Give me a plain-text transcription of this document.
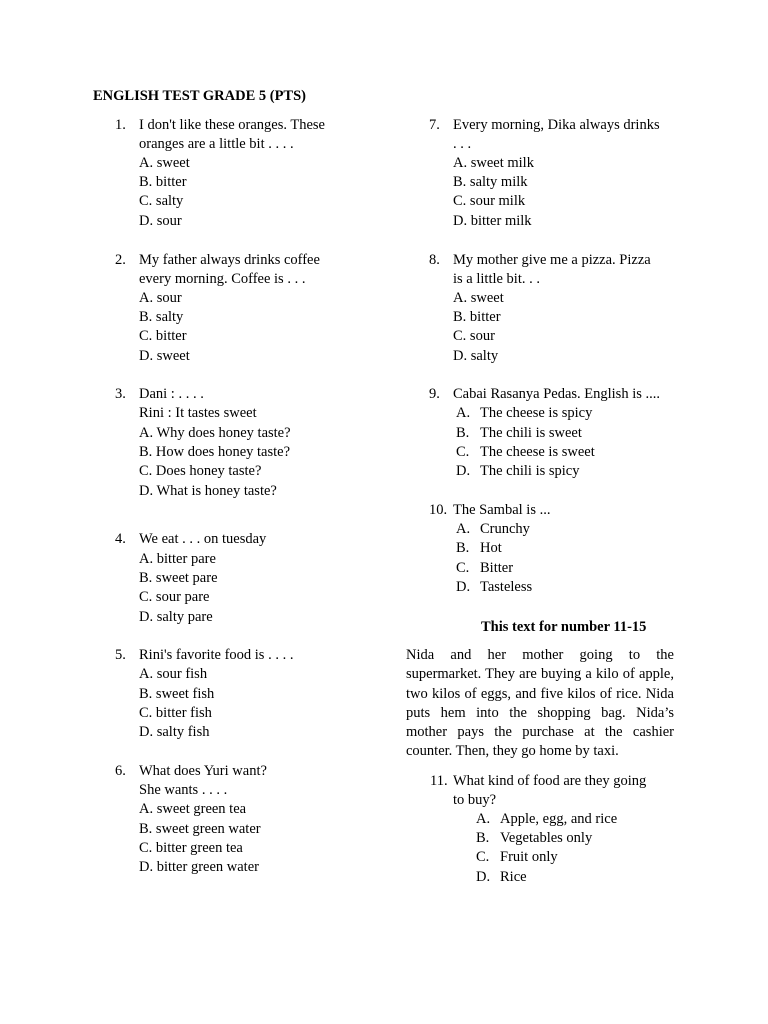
ENGLISH TEST GRADE 5 (PTS)
1. I don't like these oranges. These
oranges are a little bit . . . .
A. sweet
B. bitter
C. salty
D. sour
2. My father always drinks coffee
every morning. Coffee is . . .
A. sour
B. salty
C. bitter
D. sweet
3. Dani : . . . .
Rini : It tastes sweet
A. Why does honey taste?
B. How does honey taste?
C. Does honey taste?
D. What is honey taste?
4. We eat . . . on tuesday
A. bitter pare
B. sweet pare
C. sour pare
D. salty pare
5. Rini's favorite food is . . . .
A. sour fish
B. sweet fish
C. bitter fish
D. salty fish
6. What does Yuri want?
She wants . . . .
A. sweet green tea
B. sweet green water
C. bitter green tea
D. bitter green water
7. Every morning, Dika always drinks
. . .
A. sweet milk
B. salty milk
C. sour milk
D. bitter milk
8. My mother give me a pizza. Pizza
is a little bit. . .
A. sweet
B. bitter
C. sour
D. salty
9. Cabai Rasanya Pedas. English is ....
A. The cheese is spicy
B. The chili is sweet
C. The cheese is sweet
D. The chili is spicy
10. The Sambal is ...
A. Crunchy
B. Hot
C. Bitter
D. Tasteless
This text for number 11-15
Nida and her mother going to the supermarket. They are buying a kilo of apple, two kilos of eggs, and five kilos of rice. Nida puts hem into the shopping bag. Nida’s mother pays the purchase at the cashier counter. Then, they go home by taxi.
11. What kind of food are they going
to buy?
A. Apple, egg, and rice
B. Vegetables only
C. Fruit only
D. Rice
